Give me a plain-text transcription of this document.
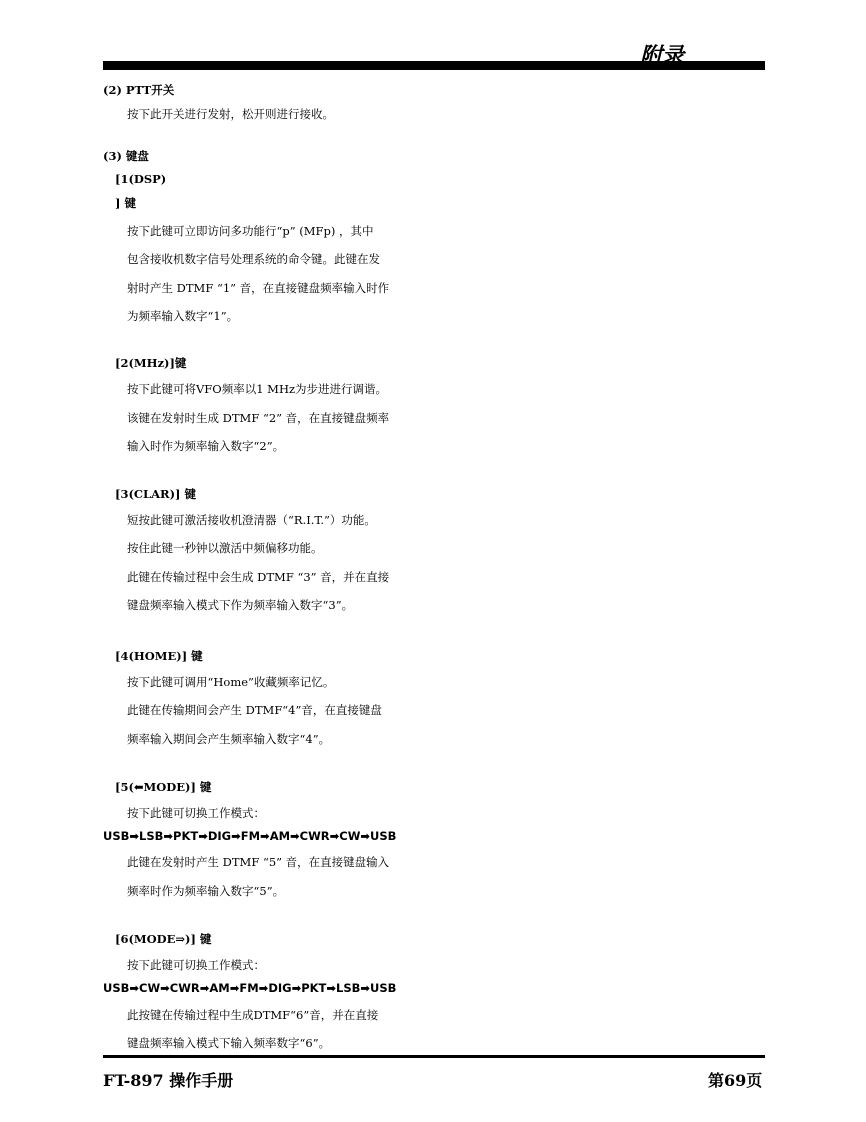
附录
(2) PTT开关
按下此开关进行发射，松开则进行接收。
(3) 键盘
[1(DSP)
] 键
按下此键可立即访问多功能行“p” (MFp) ，其中
包含接收机数字信号处理系统的命令键。此键在发
射时产生 DTMF “1” 音，在直接键盘频率输入时作
为频率输入数字“1”。
[2(MHz)]键
按下此键可将VFO频率以1 MHz为步进进行调谐。
该键在发射时生成 DTMF “2” 音，在直接键盘频率
输入时作为频率输入数字“2”。
[3(CLAR)] 键
短按此键可激活接收机澄清器（“R.I.T.”）功能。
按住此键一秒钟以激活中频偏移功能。
此键在传输过程中会生成 DTMF “3” 音，并在直接
键盘频率输入模式下作为频率输入数字“3”。
[4(HOME)] 键
按下此键可调用“Home”收藏频率记忆。
此键在传输期间会产生 DTMF“4”音，在直接键盘
频率输入期间会产生频率输入数字“4”。
[5(⬅MODE)] 键
按下此键可切换工作模式：
USB➡LSB➡PKT➡DIG➡FM➡AM➡CWR➡CW➡USB
此键在发射时产生 DTMF “5” 音，在直接键盘输入
频率时作为频率输入数字“5”。
[6(MODE⇒)] 键
按下此键可切换工作模式：
USB➡CW➡CWR➡AM➡FM➡DIG➡PKT➡LSB➡USB
此按键在传输过程中生成DTMF“6”音，并在直接
键盘频率输入模式下输入频率数字“6”。
FT-897 操作手册	第69页
